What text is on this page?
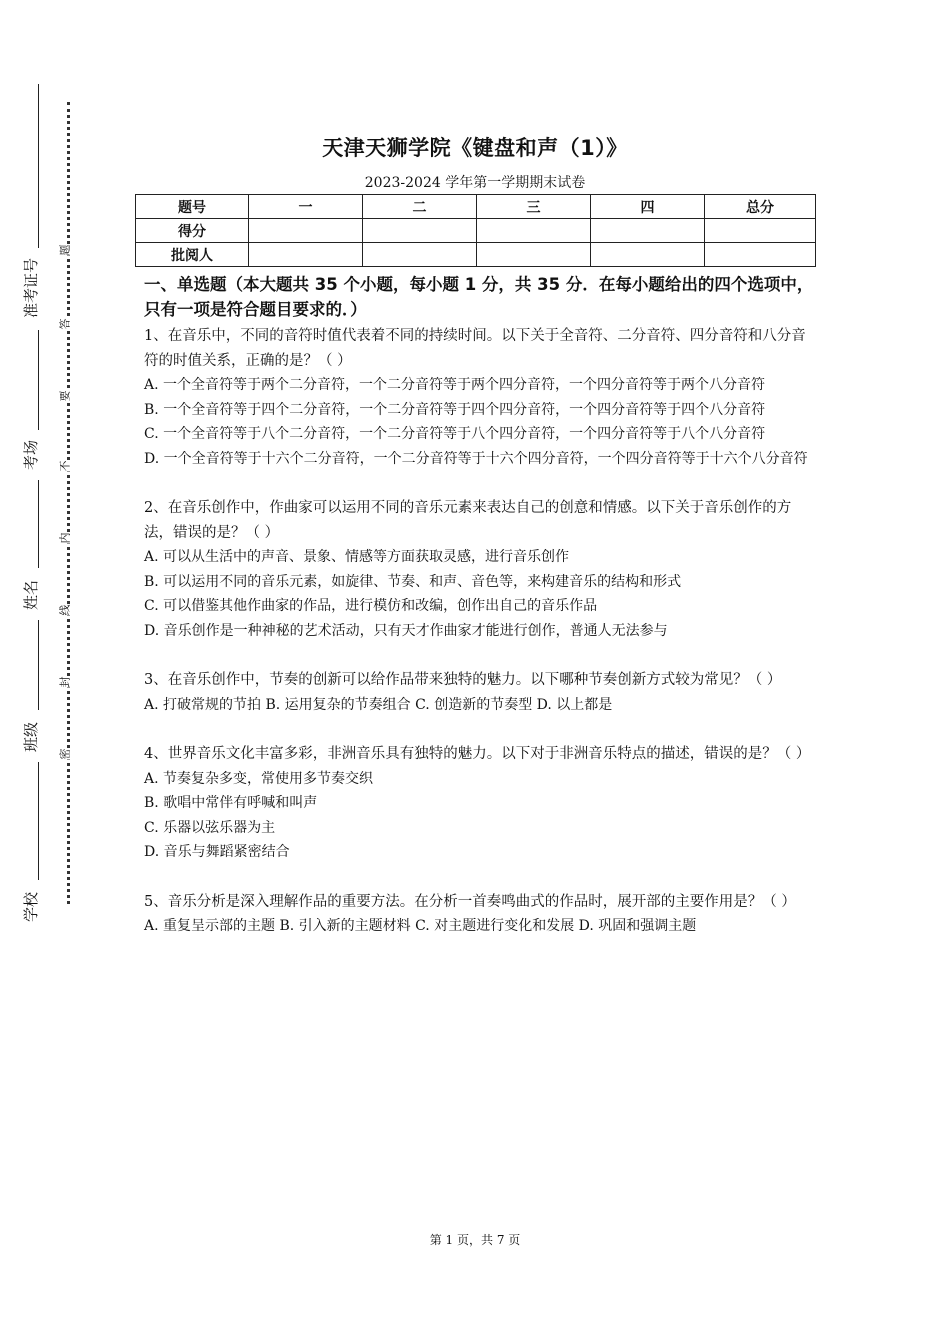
准考证号
考场
姓名
班级
学校
题
答
要
不
内
线
封
密
天津天狮学院《键盘和声（1）》
2023-2024 学年第一学期期末试卷
题号	一	二	三	四	总分
得分					
批阅人					

一、单选题（本大题共 35 个小题，每小题 1 分，共 35 分．在每小题给出的四个选项中，只有一项是符合题目要求的．）

1、在音乐中，不同的音符时值代表着不同的持续时间。以下关于全音符、二分音符、四分音符和八分音符的时值关系，正确的是？（ ）

A. 一个全音符等于两个二分音符，一个二分音符等于两个四分音符，一个四分音符等于两个八分音符

B. 一个全音符等于四个二分音符，一个二分音符等于四个四分音符，一个四分音符等于四个八分音符

C. 一个全音符等于八个二分音符，一个二分音符等于八个四分音符，一个四分音符等于八个八分音符

D. 一个全音符等于十六个二分音符，一个二分音符等于十六个四分音符，一个四分音符等于十六个八分音符

2、在音乐创作中，作曲家可以运用不同的音乐元素来表达自己的创意和情感。以下关于音乐创作的方法，错误的是？（ ）

A. 可以从生活中的声音、景象、情感等方面获取灵感，进行音乐创作

B. 可以运用不同的音乐元素，如旋律、节奏、和声、音色等，来构建音乐的结构和形式

C. 可以借鉴其他作曲家的作品，进行模仿和改编，创作出自己的音乐作品

D. 音乐创作是一种神秘的艺术活动，只有天才作曲家才能进行创作，普通人无法参与

3、在音乐创作中，节奏的创新可以给作品带来独特的魅力。以下哪种节奏创新方式较为常见？（ ）

A. 打破常规的节拍 B. 运用复杂的节奏组合 C. 创造新的节奏型 D. 以上都是

4、世界音乐文化丰富多彩，非洲音乐具有独特的魅力。以下对于非洲音乐特点的描述，错误的是？（ ）

A. 节奏复杂多变，常使用多节奏交织

B. 歌唱中常伴有呼喊和叫声

C. 乐器以弦乐器为主

D. 音乐与舞蹈紧密结合

5、音乐分析是深入理解作品的重要方法。在分析一首奏鸣曲式的作品时，展开部的主要作用是？（ ）

A. 重复呈示部的主题 B. 引入新的主题材料 C. 对主题进行变化和发展 D. 巩固和强调主题

第 1 页，共 7 页
